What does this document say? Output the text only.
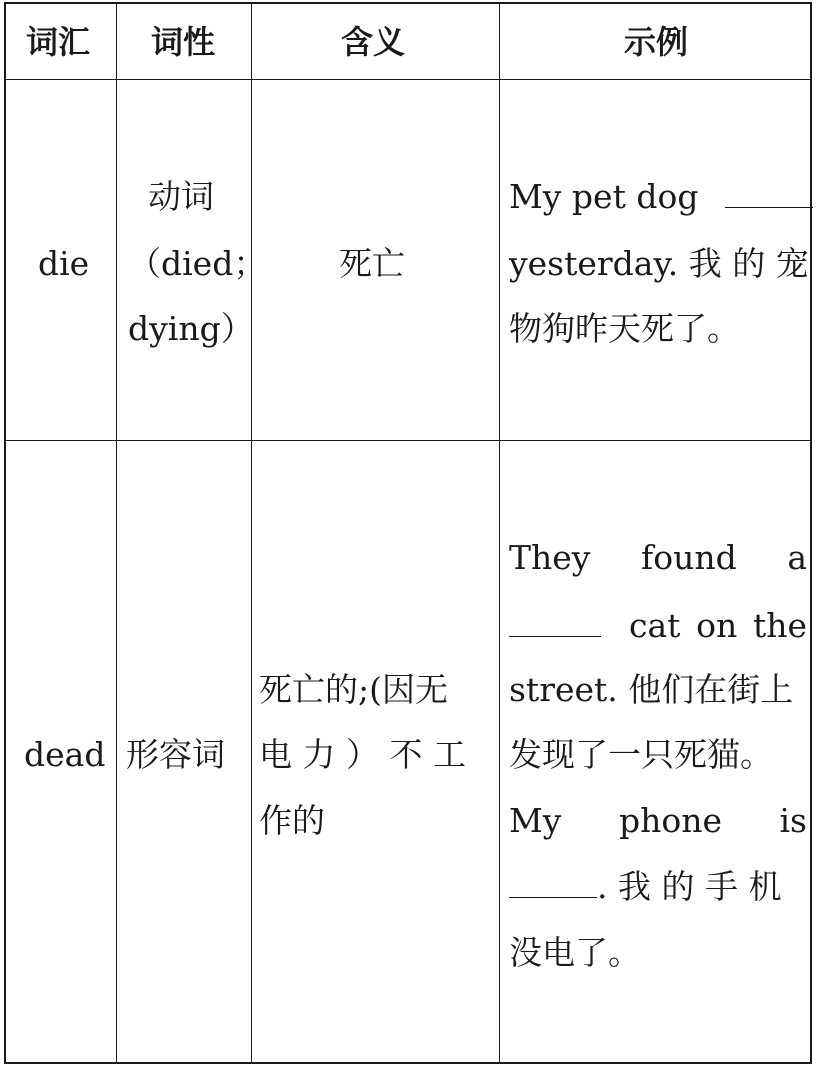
词汇 词性	含义	示例
die
动词
（died；
dying）
死亡
My pet dog
yesterday. 我 的 宠
物狗昨天死了。
dead 形容词
死亡的;(因无
电 力 ） 不 工
作的
They found a
cat on the
street. 他们在街上
发现了一只死猫。
My phone is
. 我 的 手 机
没电了。
